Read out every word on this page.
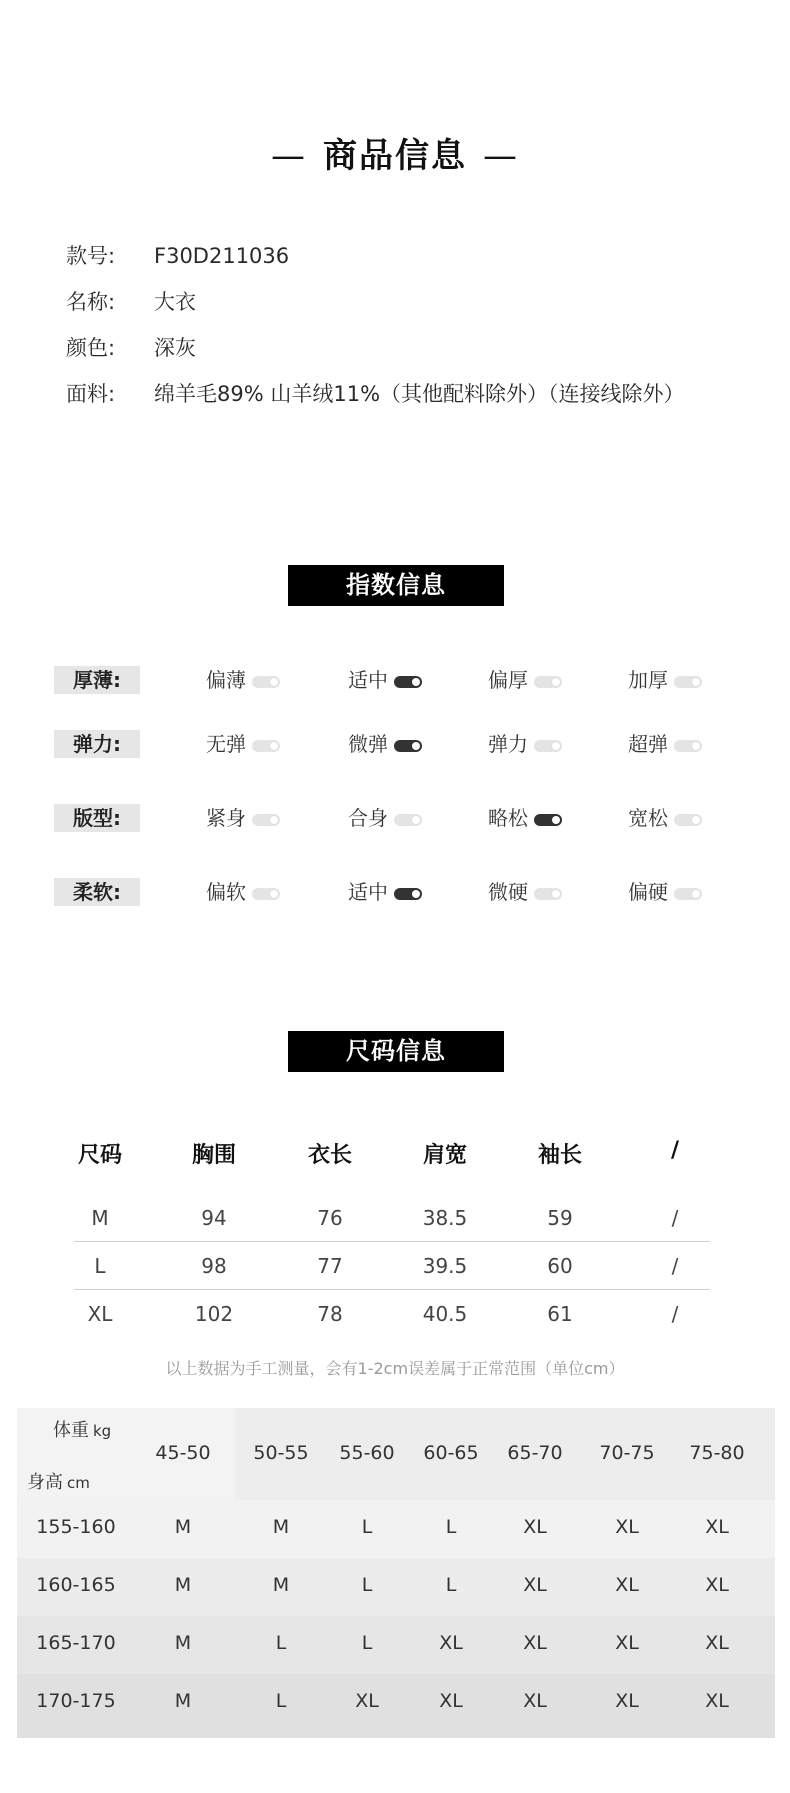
— 商品信息 —
款号: F30D211036
名称: 大衣
颜色: 深灰
面料: 绵羊毛89% 山羊绒11%（其他配料除外）（连接线除外）
指数信息
厚薄:	偏薄	适中	偏厚	加厚
弹力:	无弹	微弹	弹力	超弹
版型:	紧身	合身	略松	宽松
柔软:	偏软	适中	微硬	偏硬
尺码信息
尺码	胸围	衣长	肩宽	袖长	/
M	94	76	38.5	59	/
L	98	77	39.5	60	/
XL	102	78	40.5	61	/
以上数据为手工测量，会有1-2cm误差属于正常范围（单位cm）
体重 kg
身高 cm
45-50	50-55	55-60	60-65	65-70	70-75	75-80
155-160	M	M	L	L	XL	XL	XL
160-165	M	M	L	L	XL	XL	XL
165-170	M	L	L	XL	XL	XL	XL
170-175	M	L	XL	XL	XL	XL	XL
